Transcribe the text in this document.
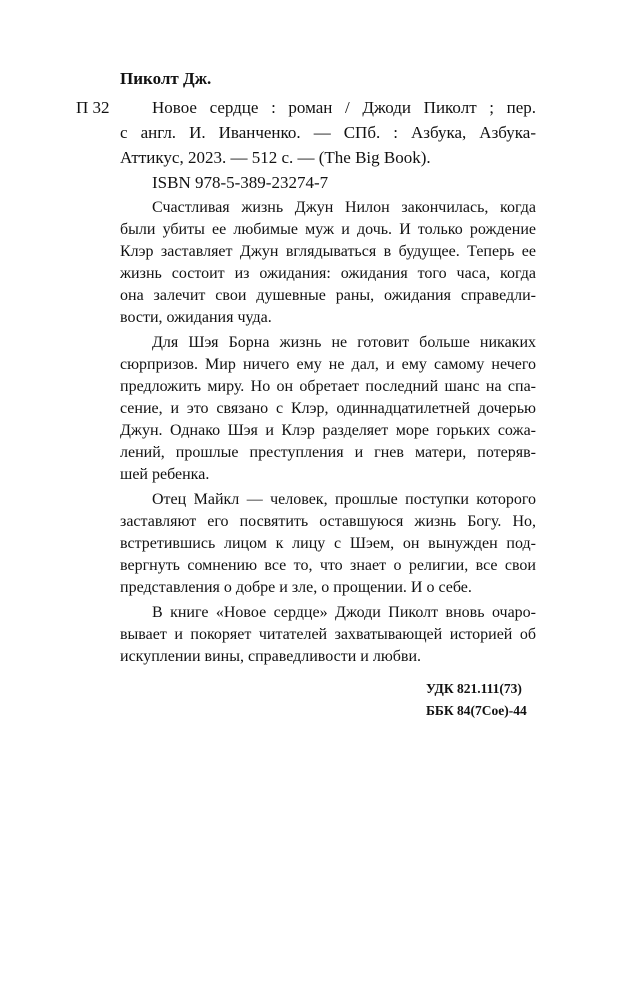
Пиколт Дж.
П 32 Новое сердце : роман / Джоди Пиколт ; пер.
с англ. И. Иванченко. — СПб. : Азбука, Азбука-
Аттикус, 2023. — 512 с. — (The Big Book).
ISBN 978-5-389-23274-7
Счастливая жизнь Джун Нилон закончилась, когда
были убиты ее любимые муж и дочь. И только рождение
Клэр заставляет Джун вглядываться в будущее. Теперь ее
жизнь состоит из ожидания: ожидания того часа, когда
она залечит свои душевные раны, ожидания справедли-
вости, ожидания чуда.
Для Шэя Борна жизнь не готовит больше никаких
сюрпризов. Мир ничего ему не дал, и ему самому нечего
предложить миру. Но он обретает последний шанс на спа-
сение, и это связано с Клэр, одиннадцатилетней дочерью
Джун. Однако Шэя и Клэр разделяет море горьких сожа-
лений, прошлые преступления и гнев матери, потеряв-
шей ребенка.
Отец Майкл — человек, прошлые поступки которого
заставляют его посвятить оставшуюся жизнь Богу. Но,
встретившись лицом к лицу с Шэем, он вынужден под-
вергнуть сомнению все то, что знает о религии, все свои
представления о добре и зле, о прощении. И о себе.
В книге «Новое сердце» Джоди Пиколт вновь очаро-
вывает и покоряет читателей захватывающей историей об
искуплении вины, справедливости и любви.
УДК 821.111(73)
ББК 84(7Сое)-44
